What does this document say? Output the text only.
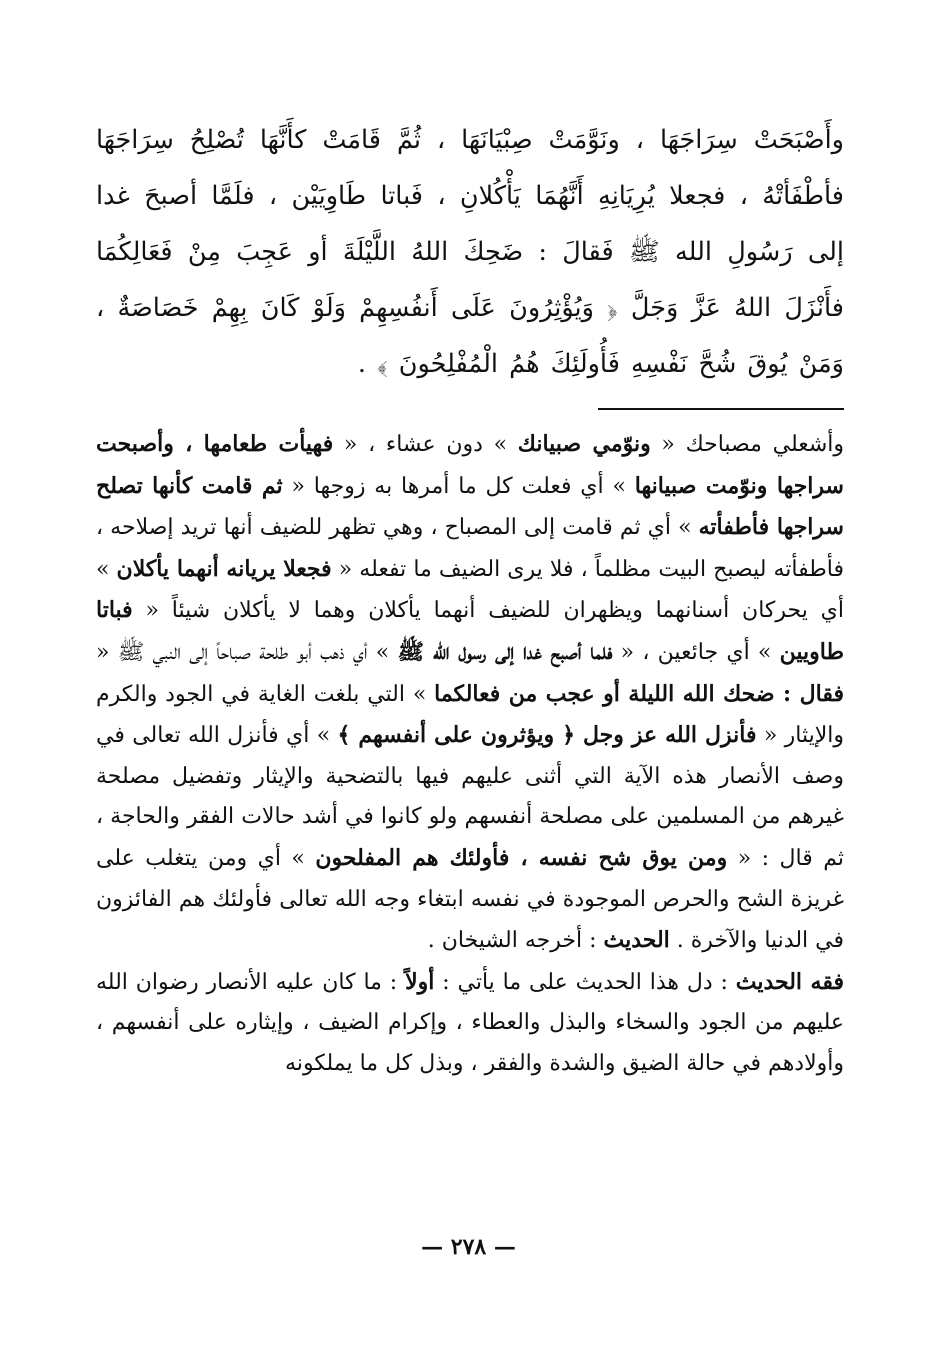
وأَصْبَحَتْ سِرَاجَهَا ، ونَوَّمَتْ صِبْيَانَهَا ، ثُمَّ قَامَتْ كأَنَّهَا تُصْلِحُ سِرَاجَهَا فأطْفَأتْهُ ، فجعلا يُرِيَانِهِ أَنَّهُمَا يَأْكُلانِ ، فَباتا طَاوِيَيْن ، فلَمَّا أصبحَ غدا إلى رَسُولِ الله ﷺ فَقالَ : ضَحِكَ اللهُ اللَّيْلَةَ أو عَجِبَ مِنْ فَعَالِكُمَا فأَنْزَلَ اللهُ عَزَّ وَجَلَّ ﴿ وَيُؤْثِرُونَ عَلَى أَنفُسِهِمْ وَلَوْ كَانَ بِهِمْ خَصَاصَةٌ ، وَمَنْ يُوقَ شُحَّ نَفْسِهِ فَأُولَئِكَ هُمُ الْمُفْلِحُونَ ﴾ .

وأشعلي مصباحك « ونوّمي صبيانك » دون عشاء ، « فهيأت طعامها ، وأصبحت سراجها ونوّمت صبيانها » أي فعلت كل ما أمرها به زوجها « ثم قامت كأنها تصلح سراجها فأطفأته » أي ثم قامت إلى المصباح ، وهي تظهر للضيف أنها تريد إصلاحه ، فأطفأته ليصبح البيت مظلماً ، فلا يرى الضيف ما تفعله « فجعلا يريانه أنهما يأكلان » أي يحركان أسنانهما ويظهران للضيف أنهما يأكلان وهما لا يأكلان شيئاً « فباتا طاويين » أي جائعين ، « فلما أصبح غدا إلى رسول الله ﷺ » أي ذهب أبو طلحة صباحاً إلى النبي ﷺ « فقال : ضحك الله الليلة أو عجب من فعالكما » التي بلغت الغاية في الجود والكرم والإيثار « فأنزل الله عز وجل ﴿ ويؤثرون على أنفسهم ﴾ » أي فأنزل الله تعالى في وصف الأنصار هذه الآية التي أثنى عليهم فيها بالتضحية والإيثار وتفضيل مصلحة غيرهم من المسلمين على مصلحة أنفسهم ولو كانوا في أشد حالات الفقر والحاجة ، ثم قال : « ومن يوق شح نفسه ، فأولئك هم المفلحون » أي ومن يتغلب على غريزة الشح والحرص الموجودة في نفسه ابتغاء وجه الله تعالى فأولئك هم الفائزون في الدنيا والآخرة . الحديث : أخرجه الشيخان .

فقه الحديث : دل هذا الحديث على ما يأتي : أولاً : ما كان عليه الأنصار رضوان الله عليهم من الجود والسخاء والبذل والعطاء ، وإكرام الضيف ، وإيثاره على أنفسهم ، وأولادهم في حالة الضيق والشدة والفقر ، وبذل كل ما يملكونه

— ٢٧٨ —
